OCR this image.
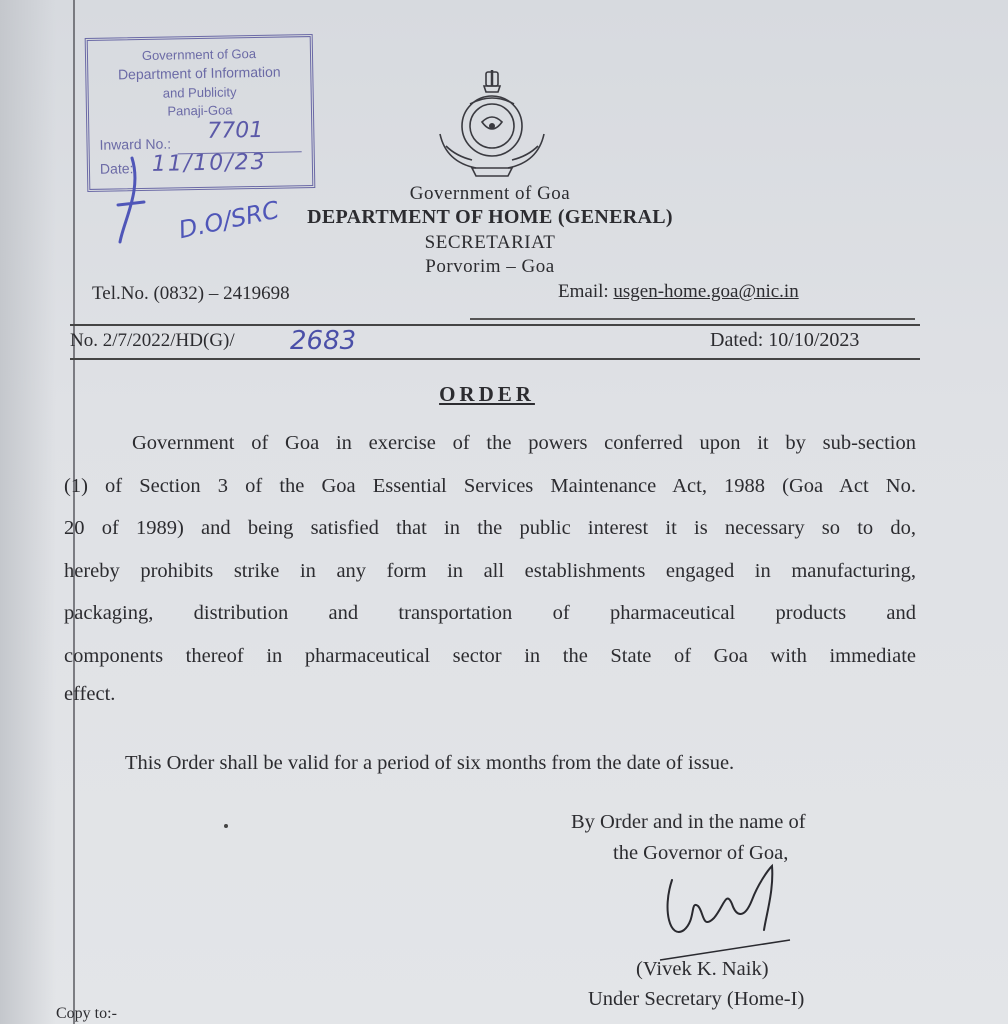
Government of Goa
Department of Information
and Publicity
Panaji-Goa
Inward No.:
7701
Date: 11/10/23
D.O/SRC
Government of Goa
DEPARTMENT OF HOME (GENERAL)
SECRETARIAT
Porvorim – Goa
Tel.No. (0832) – 2419698	Email: usgen-home.goa@nic.in
No. 2/7/2022/HD(G)/ 2683	Dated: 10/10/2023
ORDER
Government of Goa in exercise of the powers conferred upon it by sub-section
(1) of Section 3 of the Goa Essential Services Maintenance Act, 1988 (Goa Act No.
20 of 1989) and being satisfied that in the public interest it is necessary so to do,
hereby prohibits strike in any form in all establishments engaged in manufacturing,
packaging, distribution and transportation of pharmaceutical products and
components thereof in pharmaceutical sector in the State of Goa with immediate
effect.
This Order shall be valid for a period of six months from the date of issue.
By Order and in the name of
the Governor of Goa,
(Vivek K. Naik)
Under Secretary (Home-I)
Copy to:-
